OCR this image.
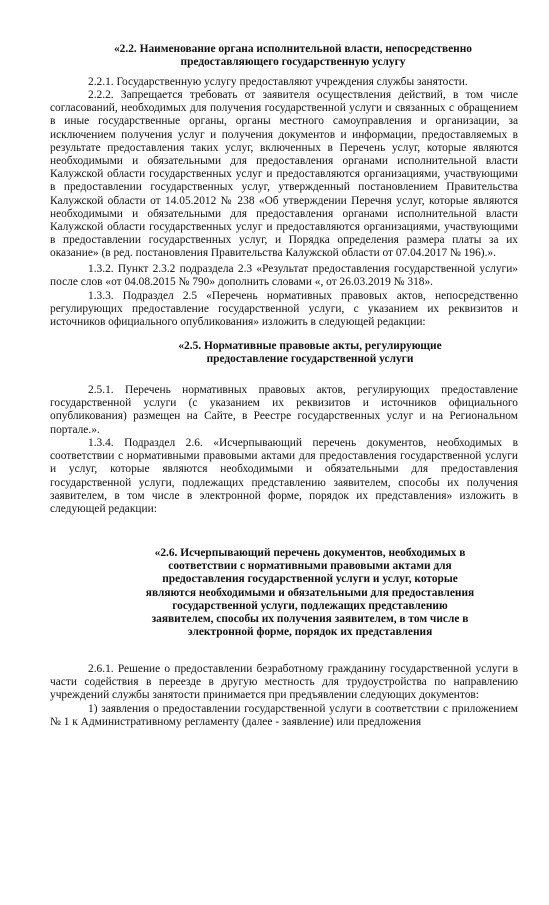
«2.2. Наименование органа исполнительной власти, непосредственно предоставляющего государственную услугу

2.2.1. Государственную услугу предоставляют учреждения службы занятости.

2.2.2. Запрещается требовать от заявителя осуществления действий, в том числе согласований, необходимых для получения государственной услуги и связанных с обращением в иные государственные органы, органы местного самоуправления и организации, за исключением получения услуг и получения документов и информации, предоставляемых в результате предоставления таких услуг, включенных в Перечень услуг, которые являются необходимыми и обязательными для предоставления органами исполнительной власти Калужской области государственных услуг и предоставляются организациями, участвующими в предоставлении государственных услуг, утвержденный постановлением Правительства Калужской области от 14.05.2012 № 238 «Об утверждении Перечня услуг, которые являются необходимыми и обязательными для предоставления органами исполнительной власти Калужской области государственных услуг и предоставляются организациями, участвующими в предоставлении государственных услуг, и Порядка определения размера платы за их оказание» (в ред. постановления Правительства Калужской области от 07.04.2017 № 196).».

1.3.2. Пункт 2.3.2 подраздела 2.3 «Результат предоставления государственной услуги» после слов «от 04.08.2015 № 790» дополнить словами «, от 26.03.2019 № 318».

1.3.3. Подраздел 2.5 «Перечень нормативных правовых актов, непосредственно регулирующих предоставление государственной услуги, с указанием их реквизитов и источников официального опубликования» изложить в следующей редакции:

«2.5. Нормативные правовые акты, регулирующие предоставление государственной услуги

2.5.1. Перечень нормативных правовых актов, регулирующих предоставление государственной услуги (с указанием их реквизитов и источников официального опубликования) размещен на Сайте, в Реестре государственных услуг и на Региональном портале.».

1.3.4. Подраздел 2.6. «Исчерпывающий перечень документов, необходимых в соответствии с нормативными правовыми актами для предоставления государственной услуги и услуг, которые являются необходимыми и обязательными для предоставления государственной услуги, подлежащих представлению заявителем, способы их получения заявителем, в том числе в электронной форме, порядок их представления» изложить в следующей редакции:

«2.6. Исчерпывающий перечень документов, необходимых в соответствии с нормативными правовыми актами для предоставления государственной услуги и услуг, которые являются необходимыми и обязательными для предоставления государственной услуги, подлежащих представлению заявителем, способы их получения заявителем, в том числе в электронной форме, порядок их представления

2.6.1. Решение о предоставлении безработному гражданину государственной услуги в части содействия в переезде в другую местность для трудоустройства по направлению учреждений службы занятости принимается при предъявлении следующих документов:

1) заявления о предоставлении государственной услуги в соответствии с приложением № 1 к Административному регламенту (далее - заявление) или предложения
